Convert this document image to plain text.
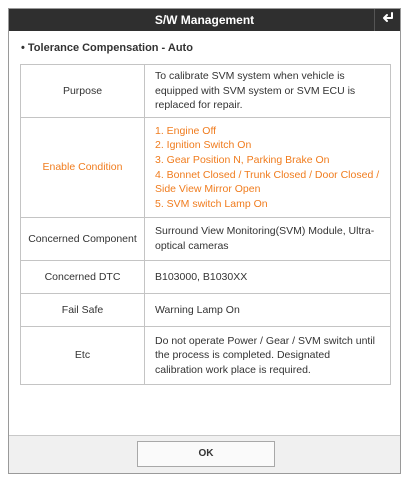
S/W Management
• Tolerance Compensation - Auto
Purpose	To calibrate SVM system when vehicle is equipped with SVM system or SVM ECU is replaced for repair.
Enable Condition	1. Engine Off
2. Ignition Switch On
3. Gear Position N, Parking Brake On
4. Bonnet Closed / Trunk Closed / Door Closed / Side View Mirror Open
5. SVM switch Lamp On

Concerned Component	Surround View Monitoring(SVM) Module, Ultra-optical cameras
Concerned DTC	B103000, B1030XX
Fail Safe	Warning Lamp On
Etc	Do not operate Power / Gear / SVM switch until the process is completed. Designated calibration work place is required.
OK
